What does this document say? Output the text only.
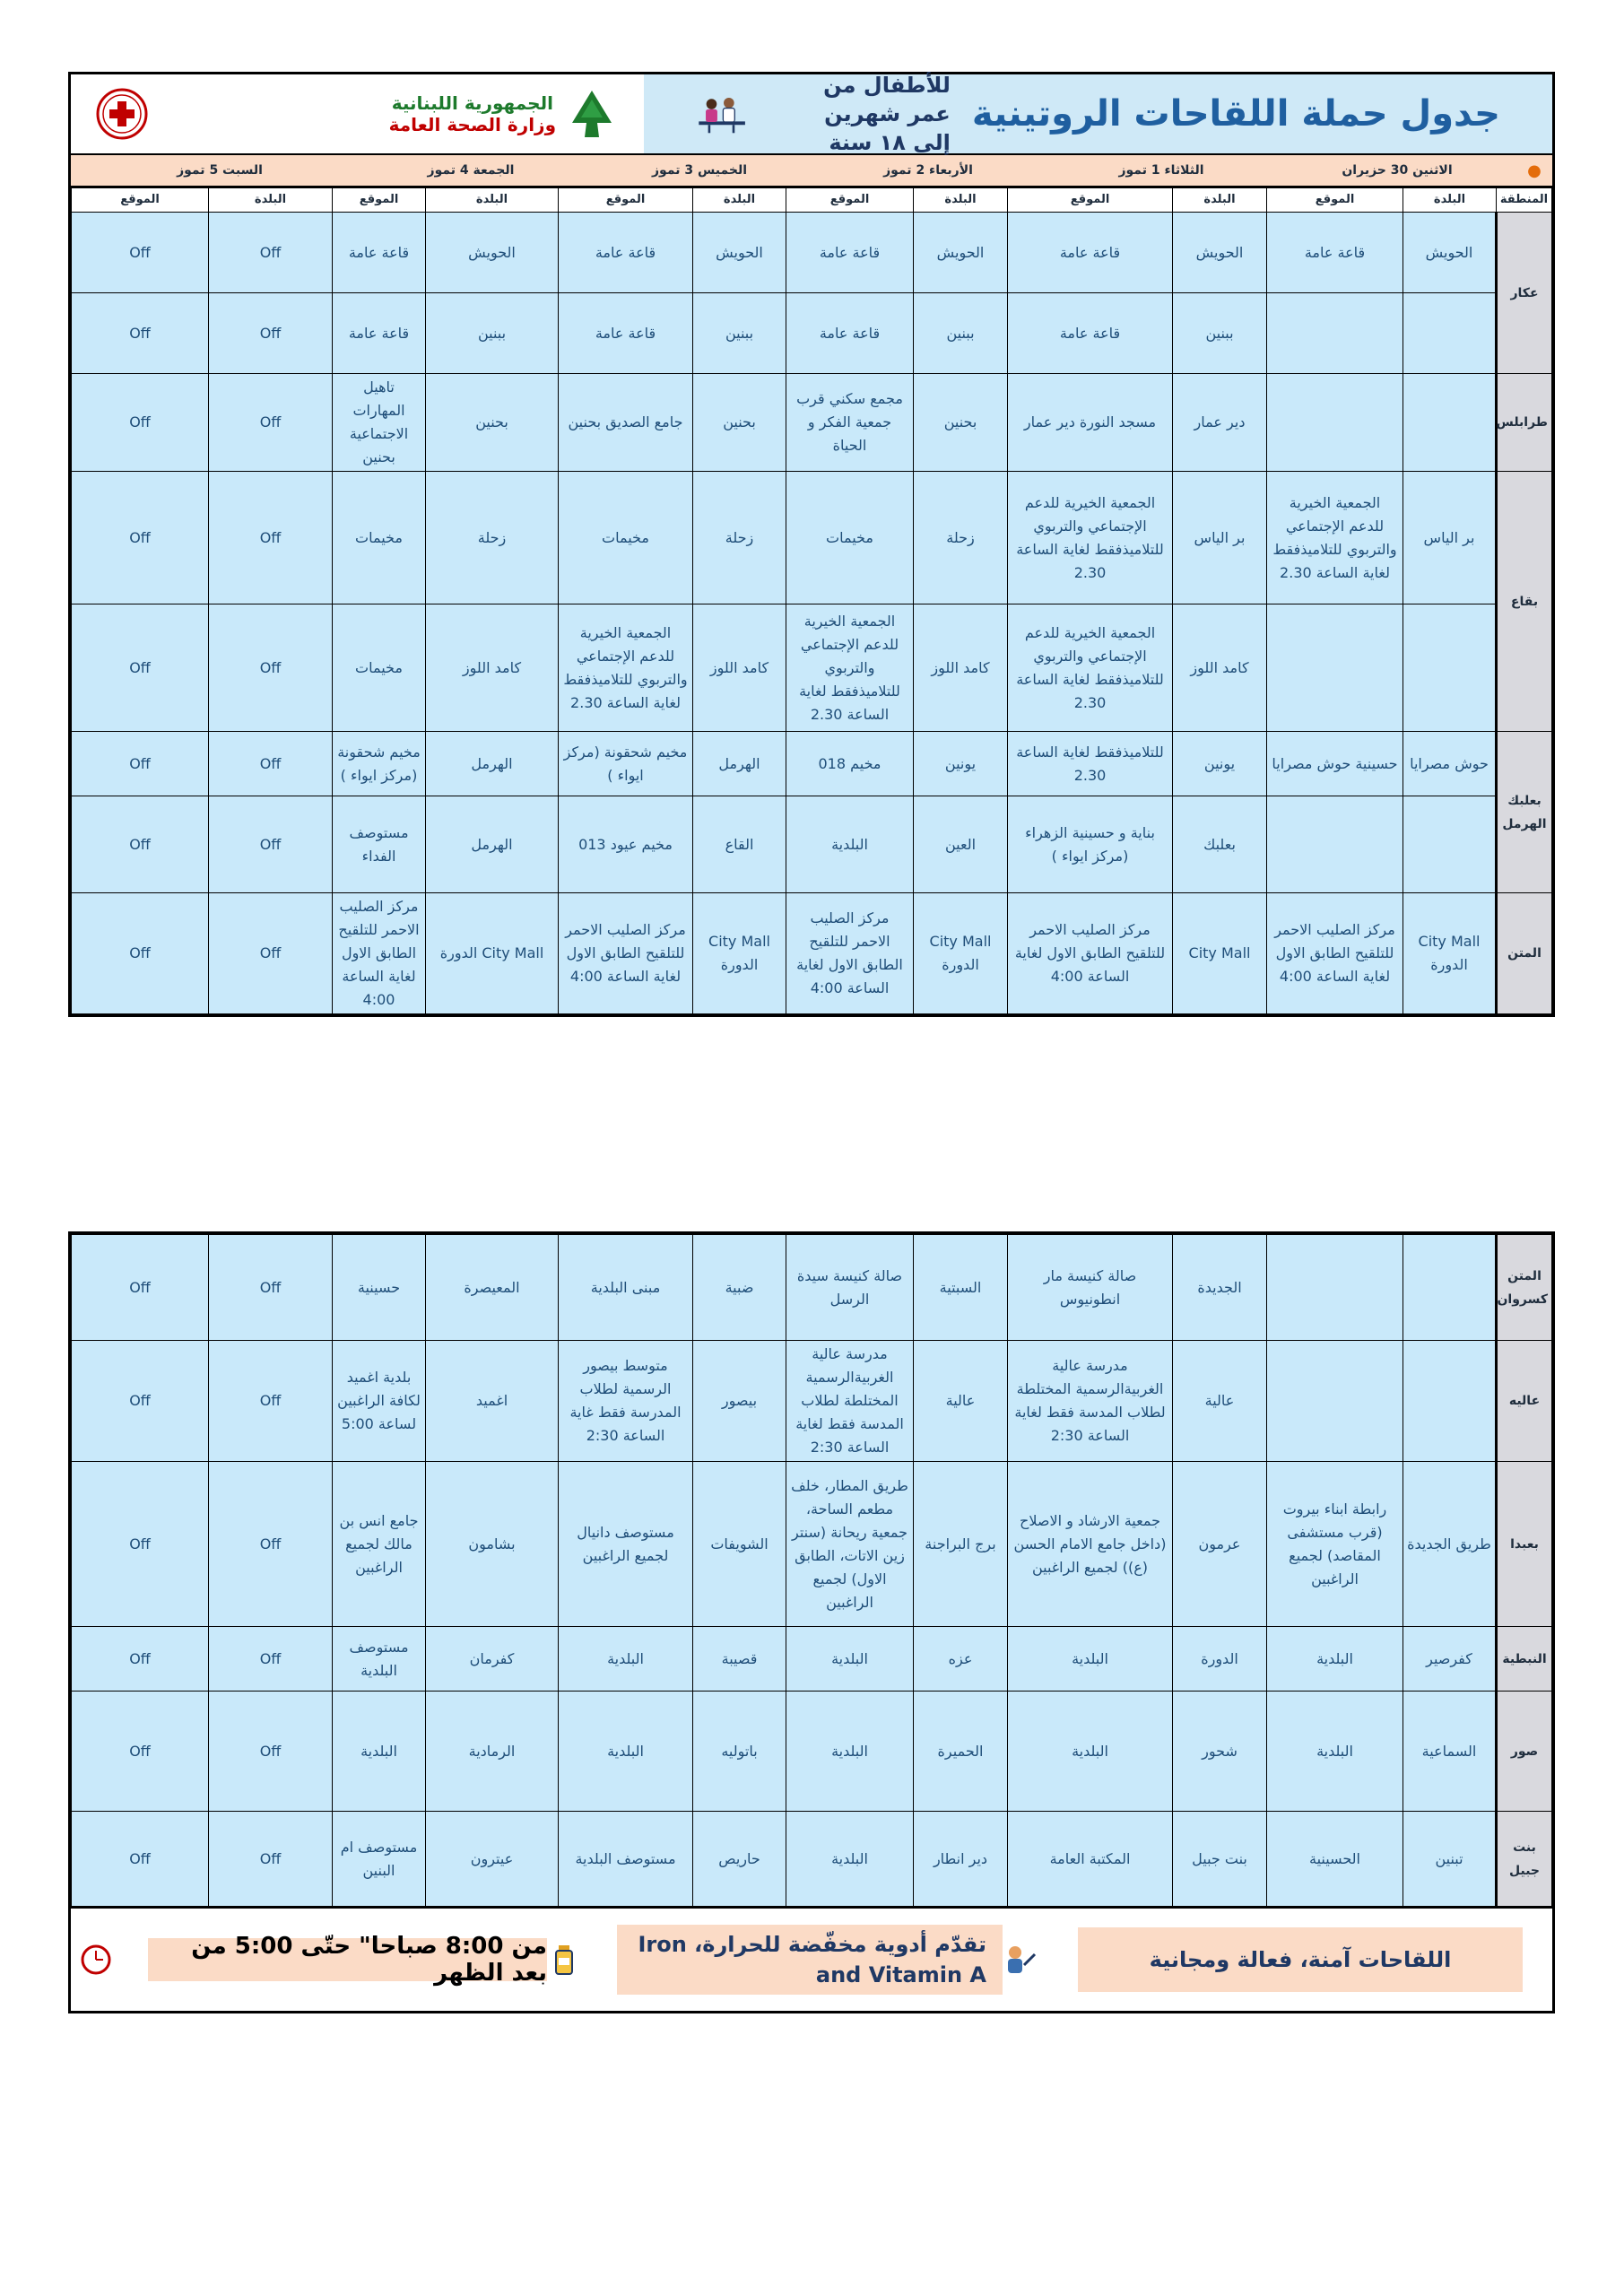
الجمهورية اللبنانية
وزارة الصحة العامة
للأطفال من عمر شهرين
إلى ١٨ سنة
جدول حملة اللقاحات الروتينية
●
الاثنين 30 حزيران
الثلاثاء 1 تموز
الأربعاء 2 تموز
الخميس 3 تموز
الجمعة 4 تموز
السبت 5 تموز
المنطقة	البلدة	الموقع	البلدة	الموقع	البلدة	الموقع	البلدة	الموقع	البلدة	الموقع	البلدة	الموقع
عكار	الحويش	قاعة عامة	الحويش	قاعة عامة	الحويش	قاعة عامة	الحويش	قاعة عامة	الحويش	قاعة عامة	Off	Off
			ببنين	قاعة عامة	ببنين	قاعة عامة	ببنين	قاعة عامة	ببنين	قاعة عامة	Off	Off
طرابلس			دير عمار	مسجد النورة دير عمار	بحنين	مجمع سكني قرب جمعية الفكر و الحياة	بحنين	جامع الصديق بحنين	بحنين	تاهيل المهارات الاجتماعية بحنين	Off	Off
بقاع	بر الياس	الجمعية الخيرية للدعم الإجتماعي والتربوي للتلاميذفقط لغاية الساعة 2.30	بر الياس	الجمعية الخيرية للدعم الإجتماعي والتربوي للتلاميذفقط لغاية الساعة 2.30	زحلة	مخيمات	زحلة	مخيمات	زحلة	مخيمات	Off	Off
			كامد اللوز	الجمعية الخيرية للدعم الإجتماعي والتربوي للتلاميذفقط لغاية الساعة 2.30	كامد اللوز	الجمعية الخيرية للدعم الإجتماعي والتربوي للتلاميذفقط لغاية الساعة 2.30	كامد اللوز	الجمعية الخيرية للدعم الإجتماعي والتربوي للتلاميذفقط لغاية الساعة 2.30	كامد اللوز	مخيمات	Off	Off
بعلبك الهرمل	حوش مصرايا	حسينية حوش مصرايا	يونين	للتلاميذفقط لغاية الساعة 2.30	يونين	مخيم 018	الهرمل	مخيم شحقونة (مركز ايواء )	الهرمل	مخيم شحقونة (مركز ايواء )	Off	Off
			بعلبك	بناية و حسينية الزهراء (مركز ايواء )	العين	البلدية	القاع	مخيم عيود 013	الهرمل	مستوصف الفداء	Off	Off
المتن	City Mall الدورة	مركز الصليب الاحمر للتلقيح الطابق الاول لغاية الساعة 4:00	City Mall	مركز الصليب الاحمر للتلقيح الطابق الاول لغاية الساعة 4:00	City Mall الدورة	مركز الصليب الاحمر للتلقيح الطابق الاول لغاية الساعة 4:00	City Mall الدورة	مركز الصليب الاحمر للتلقيح الطابق الاول لغاية الساعة 4:00	City Mall الدورة	مركز الصليب الاحمر للتلقيح الطابق الاول لغاية الساعة 4:00	Off	Off
المتن كسروان			الجديدة	صالة كنيسة مار انطونيوس	السبتية	صالة كنيسة سيدة الرسل	ضبية	مبنى البلدية	المعيصرة	حسينية	Off	Off
عاليه			عالية	مدرسة عالية الغربيةالرسمية المختلطة لطلاب المدسة فقط لغاية الساعة 2:30	عالية	مدرسة عالية الغربيةالرسمية المختلطة لطلاب المدسة فقط لغاية الساعة 2:30	بيصور	متوسط بيصور الرسمية لطلاب المدرسة فقط غاية الساعة 2:30	اغميد	بلدية اغميد لكافة الراغبين لساعة 5:00	Off	Off
بعبدا	طريق الجديدة	رابطة ابناء بيروت (قرب مستشفى المقاصد) لجميع الراغبين	عرمون	جمعية الارشاد و الاصلاح (داخل جامع الامام الحسن (ع)) لجميع الراغبين	برج البراجنة	طريق المطار، خلف مطعم الساحة، جمعية ريحانة (سنتر زين الاتات، الطابق الاول) لجميع الراغبين	الشويفات	مستوصف دانيال لجميع الراغبين	بشامون	جامع انس بن مالك لجميع الراغبين	Off	Off
النبطية	كفرصير	البلدية	الدورة	البلدية	عزه	البلدية	قصيبة	البلدية	كفرمان	مستوصف البلدية	Off	Off
صور	السماعية	البلدية	شحور	البلدية	الحميرة	البلدية	باتوليه	البلدية	الرمادية	البلدية	Off	Off
بنت جبيل	تبنين	الحسينية	بنت جبيل	المكتبة العامة	دير انطار	البلدية	حاريص	مستوصف البلدية	عيترون	مستوصف ام البنين	Off	Off
من 8:00 صباحا" حتّى 5:00 من بعد الظهر
تقدّم أدوية مخفّضة للحرارة، Iron and Vitamin A
اللقاحات آمنة، فعالة ومجانية
